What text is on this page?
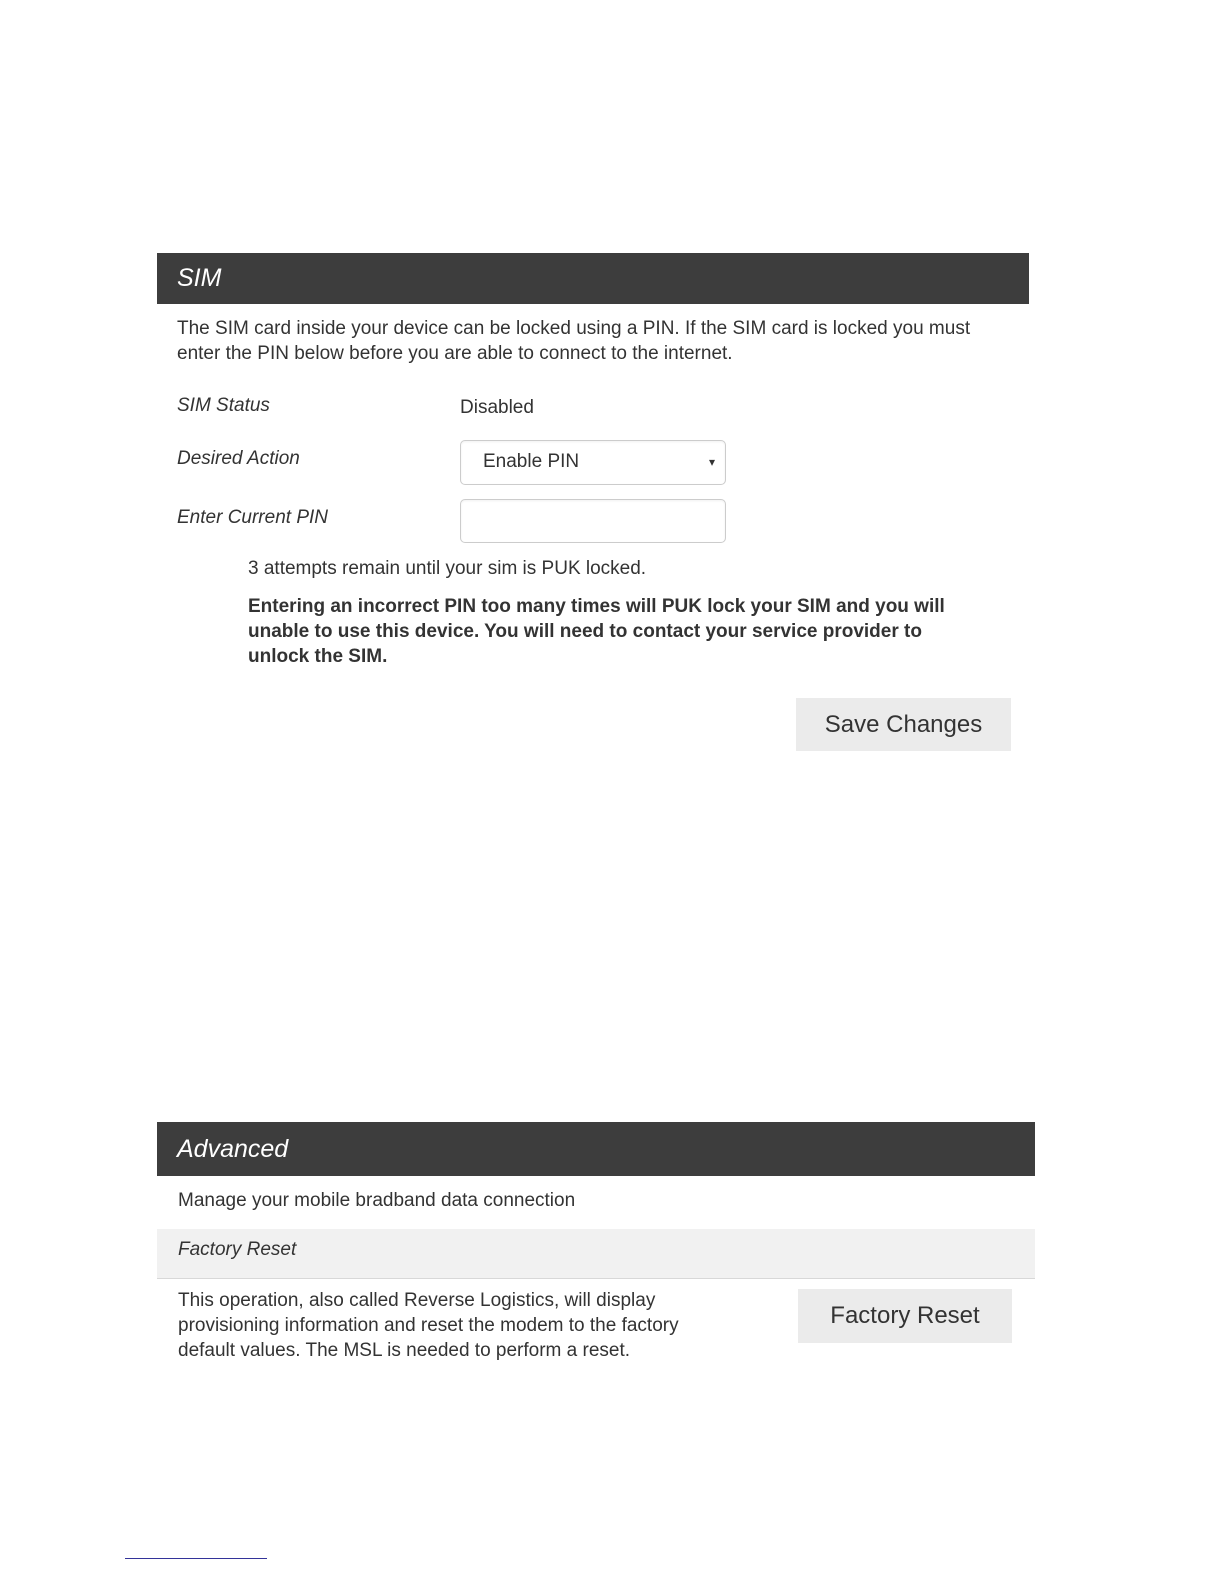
SIM
The SIM card inside your device can be locked using a PIN. If the SIM card is locked you must enter the PIN below before you are able to connect to the internet.
SIM Status	Disabled
Desired Action	Enable PIN	▾
Enter Current PIN
3 attempts remain until your sim is PUK locked.
Entering an incorrect PIN too many times will PUK lock your SIM and you will unable to use this device. You will need to contact your service provider to unlock the SIM.
Save Changes
Advanced
Manage your mobile bradband data connection
Factory Reset
This operation, also called Reverse Logistics, will display provisioning information and reset the modem to the factory default values. The MSL is needed to perform a reset.
Factory Reset
